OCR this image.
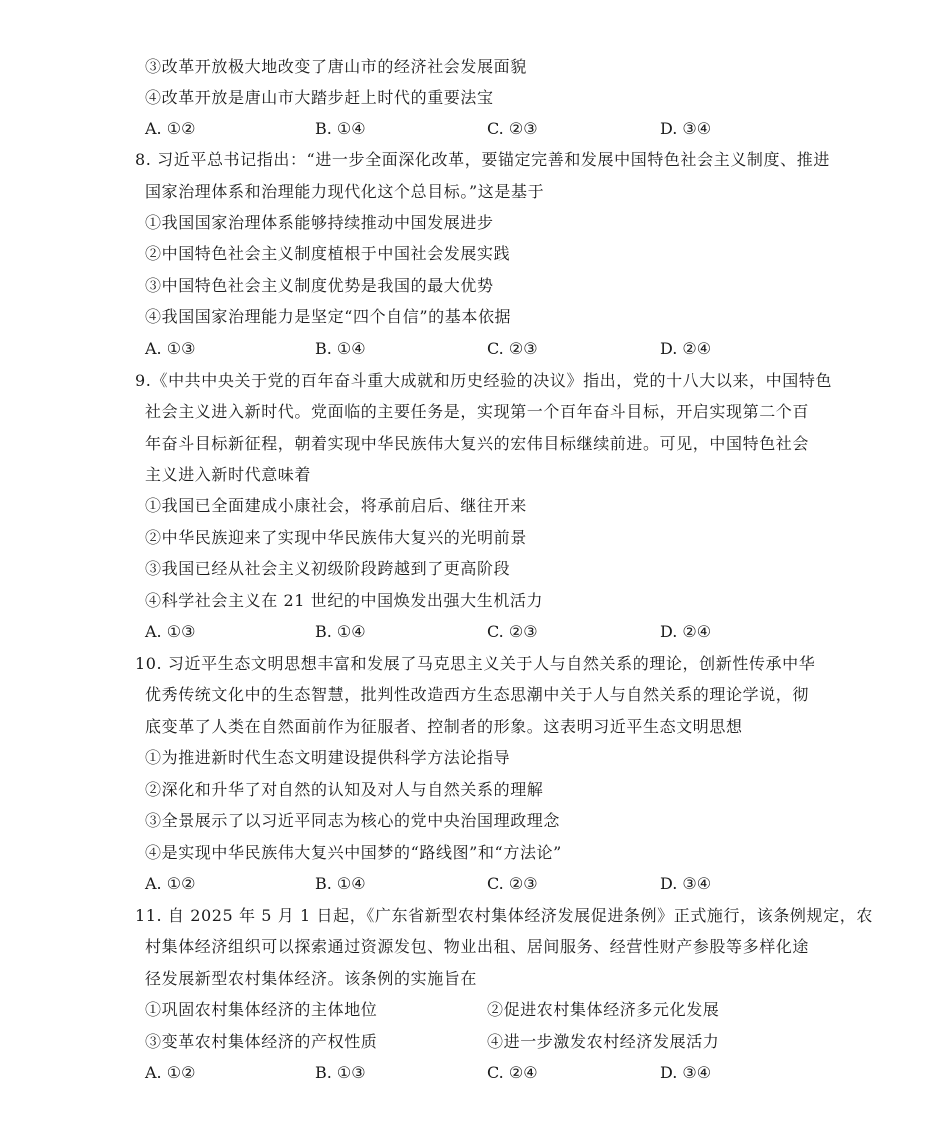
③改革开放极大地改变了唐山市的经济社会发展面貌
④改革开放是唐山市大踏步赶上时代的重要法宝
A. ①②	B. ①④	C. ②③	D. ③④
8. 习近平总书记指出：“进一步全面深化改革，要锚定完善和发展中国特色社会主义制度、推进
国家治理体系和治理能力现代化这个总目标。”这是基于
①我国国家治理体系能够持续推动中国发展进步
②中国特色社会主义制度植根于中国社会发展实践
③中国特色社会主义制度优势是我国的最大优势
④我国国家治理能力是坚定“四个自信”的基本依据
A. ①③	B. ①④	C. ②③	D. ②④
9.《中共中央关于党的百年奋斗重大成就和历史经验的决议》指出，党的十八大以来，中国特色
社会主义进入新时代。党面临的主要任务是，实现第一个百年奋斗目标，开启实现第二个百
年奋斗目标新征程，朝着实现中华民族伟大复兴的宏伟目标继续前进。可见，中国特色社会
主义进入新时代意味着
①我国已全面建成小康社会，将承前启后、继往开来
②中华民族迎来了实现中华民族伟大复兴的光明前景
③我国已经从社会主义初级阶段跨越到了更高阶段
④科学社会主义在 21 世纪的中国焕发出强大生机活力
A. ①③	B. ①④	C. ②③	D. ②④
10. 习近平生态文明思想丰富和发展了马克思主义关于人与自然关系的理论，创新性传承中华
优秀传统文化中的生态智慧，批判性改造西方生态思潮中关于人与自然关系的理论学说，彻
底变革了人类在自然面前作为征服者、控制者的形象。这表明习近平生态文明思想
①为推进新时代生态文明建设提供科学方法论指导
②深化和升华了对自然的认知及对人与自然关系的理解
③全景展示了以习近平同志为核心的党中央治国理政理念
④是实现中华民族伟大复兴中国梦的“路线图”和“方法论”
A. ①②	B. ①④	C. ②③	D. ③④
11. 自 2025 年 5 月 1 日起，《广东省新型农村集体经济发展促进条例》正式施行，该条例规定，农
村集体经济组织可以探索通过资源发包、物业出租、居间服务、经营性财产参股等多样化途
径发展新型农村集体经济。该条例的实施旨在
①巩固农村集体经济的主体地位	②促进农村集体经济多元化发展
③变革农村集体经济的产权性质	④进一步激发农村经济发展活力
A. ①②	B. ①③	C. ②④	D. ③④
